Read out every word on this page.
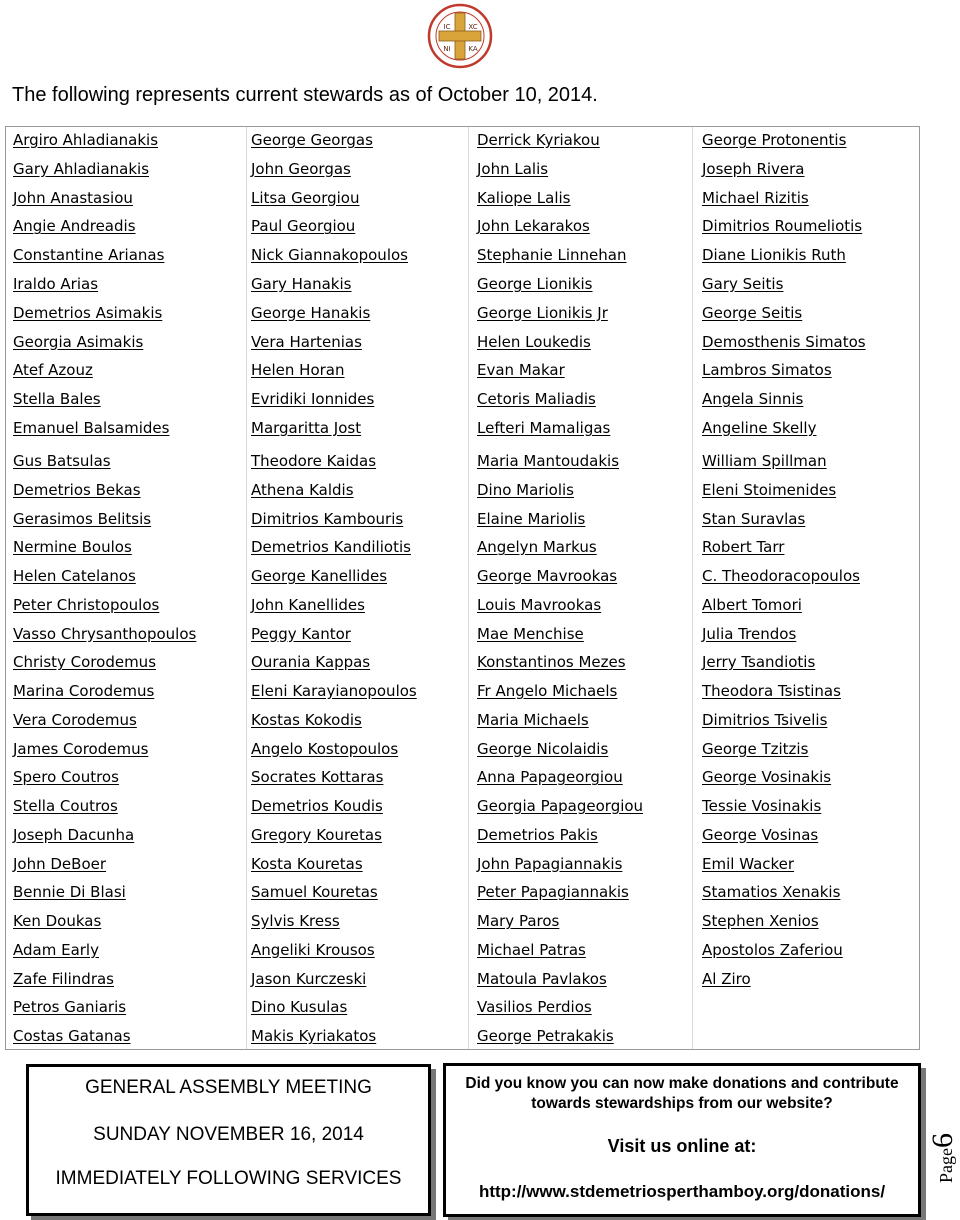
IC	XC
NI	KA
The following represents current stewards as of October 10, 2014.
Argiro Ahladianakis
Gary Ahladianakis
John Anastasiou
Angie Andreadis
Constantine Arianas
Iraldo Arias
Demetrios Asimakis
Georgia Asimakis
Atef Azouz
Stella Bales
Emanuel Balsamides
Gus Batsulas
Demetrios Bekas
Gerasimos Belitsis
Nermine Boulos
Helen Catelanos
Peter Christopoulos
Vasso Chrysanthopoulos
Christy Corodemus
Marina Corodemus
Vera Corodemus
James Corodemus
Spero Coutros
Stella Coutros
Joseph Dacunha
John DeBoer
Bennie Di Blasi
Ken Doukas
Adam Early
Zafe Filindras
Petros Ganiaris
Costas Gatanas
George Georgas
John Georgas
Litsa Georgiou
Paul Georgiou
Nick Giannakopoulos
Gary Hanakis
George Hanakis
Vera Hartenias
Helen Horan
Evridiki Ionnides
Margaritta Jost
Theodore Kaidas
Athena Kaldis
Dimitrios Kambouris
Demetrios Kandiliotis
George Kanellides
John Kanellides
Peggy Kantor
Ourania Kappas
Eleni Karayianopoulos
Kostas Kokodis
Angelo Kostopoulos
Socrates Kottaras
Demetrios Koudis
Gregory Kouretas
Kosta Kouretas
Samuel Kouretas
Sylvis Kress
Angeliki Krousos
Jason Kurczeski
Dino Kusulas
Makis Kyriakatos
Derrick Kyriakou
John Lalis
Kaliope Lalis
John Lekarakos
Stephanie Linnehan
George Lionikis
George Lionikis Jr
Helen Loukedis
Evan Makar
Cetoris Maliadis
Lefteri Mamaligas
Maria Mantoudakis
Dino Mariolis
Elaine Mariolis
Angelyn Markus
George Mavrookas
Louis Mavrookas
Mae Menchise
Konstantinos Mezes
Fr Angelo Michaels
Maria Michaels
George Nicolaidis
Anna Papageorgiou
Georgia Papageorgiou
Demetrios Pakis
John Papagiannakis
Peter Papagiannakis
Mary Paros
Michael Patras
Matoula Pavlakos
Vasilios Perdios
George Petrakakis
George Protonentis
Joseph Rivera
Michael Rizitis
Dimitrios Roumeliotis
Diane Lionikis Ruth
Gary Seitis
George Seitis
Demosthenis Simatos
Lambros Simatos
Angela Sinnis
Angeline Skelly
William Spillman
Eleni Stoimenides
Stan Suravlas
Robert Tarr
C. Theodoracopoulos
Albert Tomori
Julia Trendos
Jerry Tsandiotis
Theodora Tsistinas
Dimitrios Tsivelis
George Tzitzis
George Vosinakis
Tessie Vosinakis
George Vosinas
Emil Wacker
Stamatios Xenakis
Stephen Xenios
Apostolos Zaferiou
Al Ziro
GENERAL ASSEMBLY MEETING
SUNDAY NOVEMBER 16, 2014
IMMEDIATELY FOLLOWING SERVICES
Did you know you can now make donations and contribute towards stewardships from our website?
Visit us online at:
http://www.stdemetriosperthamboy.org/donations/
Page6
